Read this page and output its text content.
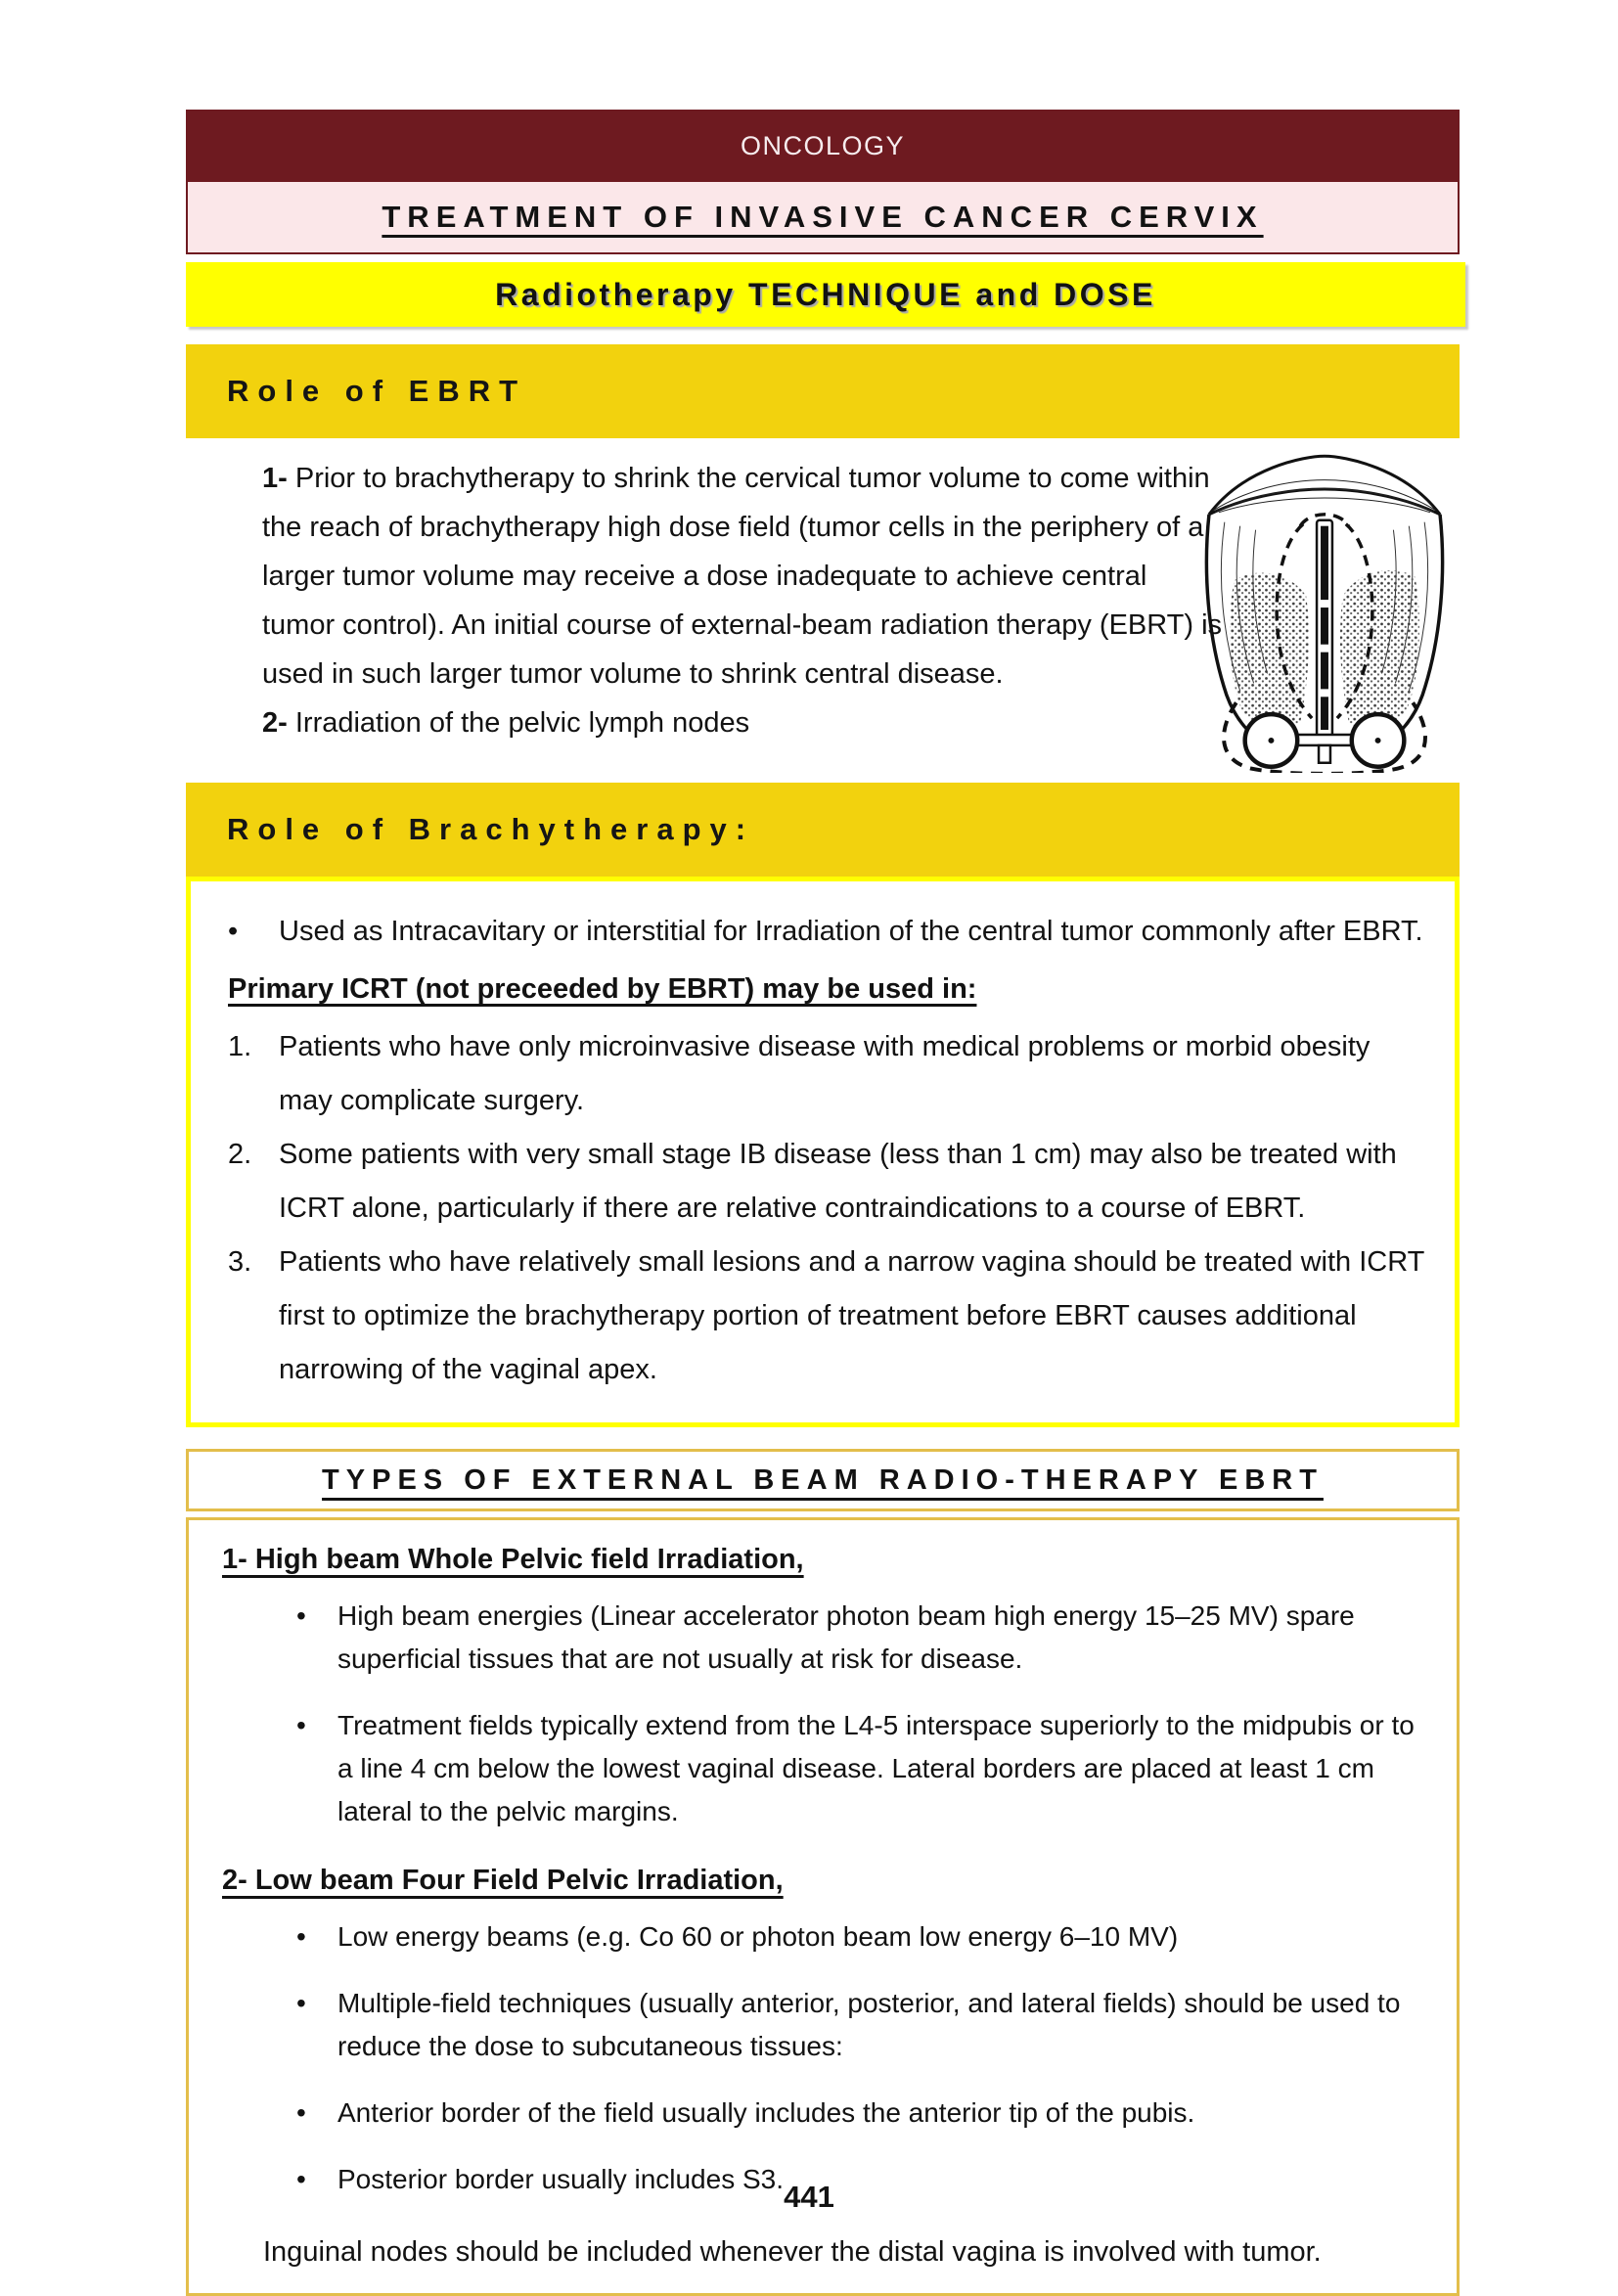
ONCOLOGY
TREATMENT OF INVASIVE CANCER CERVIX
Radiotherapy TECHNIQUE and DOSE
Role of EBRT

1- Prior to brachytherapy to shrink the cervical tumor volume to come within the reach of brachytherapy high dose field (tumor cells in the periphery of a larger tumor volume may receive a dose inadequate to achieve central tumor control). An initial course of external-beam radiation therapy (EBRT) is used in such larger tumor volume to shrink central disease.

2- Irradiation of the pelvic lymph nodes

Role of Brachytherapy:
•
Used as Intracavitary or interstitial for Irradiation of the central tumor commonly after EBRT.
Primary ICRT (not preceeded by EBRT) may be used in:
1. Patients who have only microinvasive disease with medical problems or morbid obesity may complicate surgery.
2. Some patients with very small stage IB disease (less than 1 cm) may also be treated with ICRT alone, particularly if there are relative contraindications to a course of EBRT.
3. Patients who have relatively small lesions and a narrow vagina should be treated with ICRT first to optimize the brachytherapy portion of treatment before EBRT causes additional narrowing of the vaginal apex.
TYPES OF EXTERNAL BEAM RADIO-THERAPY EBRT
1- High beam Whole Pelvic field Irradiation,
•
High beam energies (Linear accelerator photon beam high energy 15–25 MV) spare superficial tissues that are not usually at risk for disease.
•
Treatment fields typically extend from the L4-5 interspace superiorly to the midpubis or to a line 4 cm below the lowest vaginal disease. Lateral borders are placed at least 1 cm lateral to the pelvic margins.
2- Low beam Four Field Pelvic Irradiation,
•
Low energy beams (e.g. Co 60 or photon beam low energy 6–10 MV)
•
Multiple-field techniques (usually anterior, posterior, and lateral fields) should be used to reduce the dose to subcutaneous tissues:
•
Anterior border of the field usually includes the anterior tip of the pubis.
•
Posterior border usually includes S3.
Inguinal nodes should be included whenever the distal vagina is involved with tumor.
441
